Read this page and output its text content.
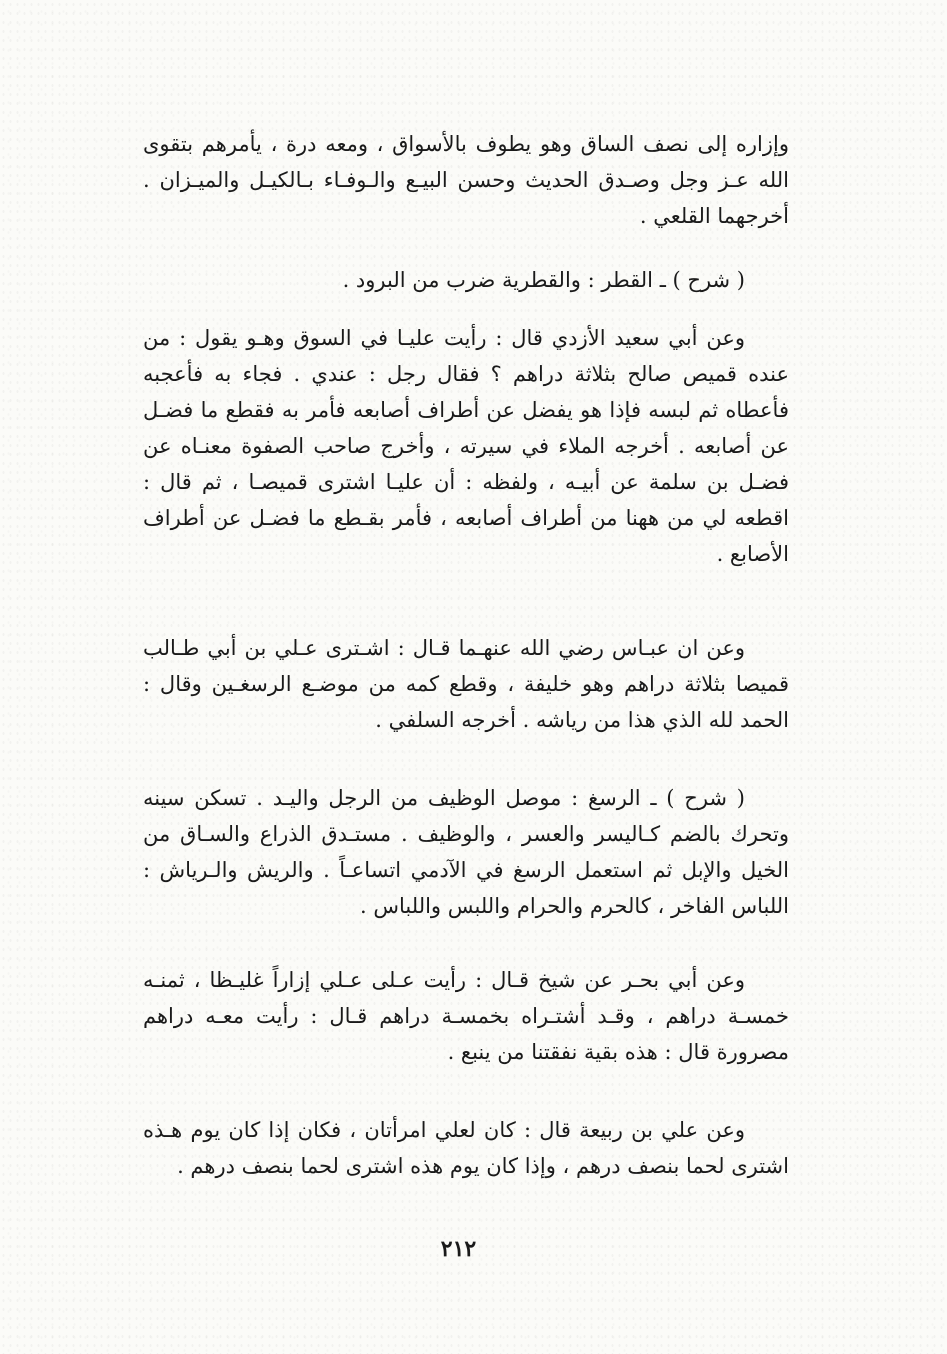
وإزاره إلى نصف الساق وهو يطوف بالأسواق ، ومعه درة ، يأمرهم بتقوى
الله عـز وجل وصـدق الحديث وحسن البيـع والـوفـاء بـالكيـل والميـزان .
أخرجهما القلعي .
( شرح ) ـ القطر : والقطرية ضرب من البرود .
وعن أبي سعيد الأزدي قال : رأيت عليـا في السوق وهـو يقول : من
عنده قميص صالح بثلاثة دراهم ؟ فقال رجل : عندي . فجاء به فأعجبه
فأعطاه ثم لبسه فإذا هو يفضل عن أطراف أصابعه فأمر به فقطع ما فضـل
عن أصابعه . أخرجه الملاء في سيرته ، وأخرج صاحب الصفوة معنـاه عن
فضـل بن سلمة عن أبيـه ، ولفظه : أن عليـا اشترى قميصـا ، ثم قال :
اقطعه لي من ههنا من أطراف أصابعه ، فأمر بقـطع ما فضـل عن أطراف
الأصابع .
وعن ان عبـاس رضي الله عنهـما قـال : اشـترى عـلي بن أبي طـالب
قميصا بثلاثة دراهم وهو خليفة ، وقطع كمه من موضـع الرسغـين وقال :
الحمد لله الذي هذا من رياشه . أخرجه السلفي .
( شرح ) ـ الرسغ : موصل الوظيف من الرجل واليـد . تسكن سينه
وتحرك بالضم كـاليسر والعسر ، والوظيف . مستـدق الذراع والسـاق من
الخيل والإبل ثم استعمل الرسغ في الآدمي اتساعـاً . والريش والـرياش :
اللباس الفاخر ، كالحرم والحرام واللبس واللباس .
وعن أبي بحـر عن شيخ قـال : رأيت عـلى عـلي إزاراً غليـظا ، ثمنـه
خمسـة دراهم ، وقـد أشتـراه بخمسـة دراهم قـال : رأيت معـه دراهم
مصرورة قال : هذه بقية نفقتنا من ينبع .
وعن علي بن ربيعة قال : كان لعلي امرأتان ، فكان إذا كان يوم هـذه
اشترى لحما بنصف درهم ، وإذا كان يوم هذه اشترى لحما بنصف درهم .
٢١٢
